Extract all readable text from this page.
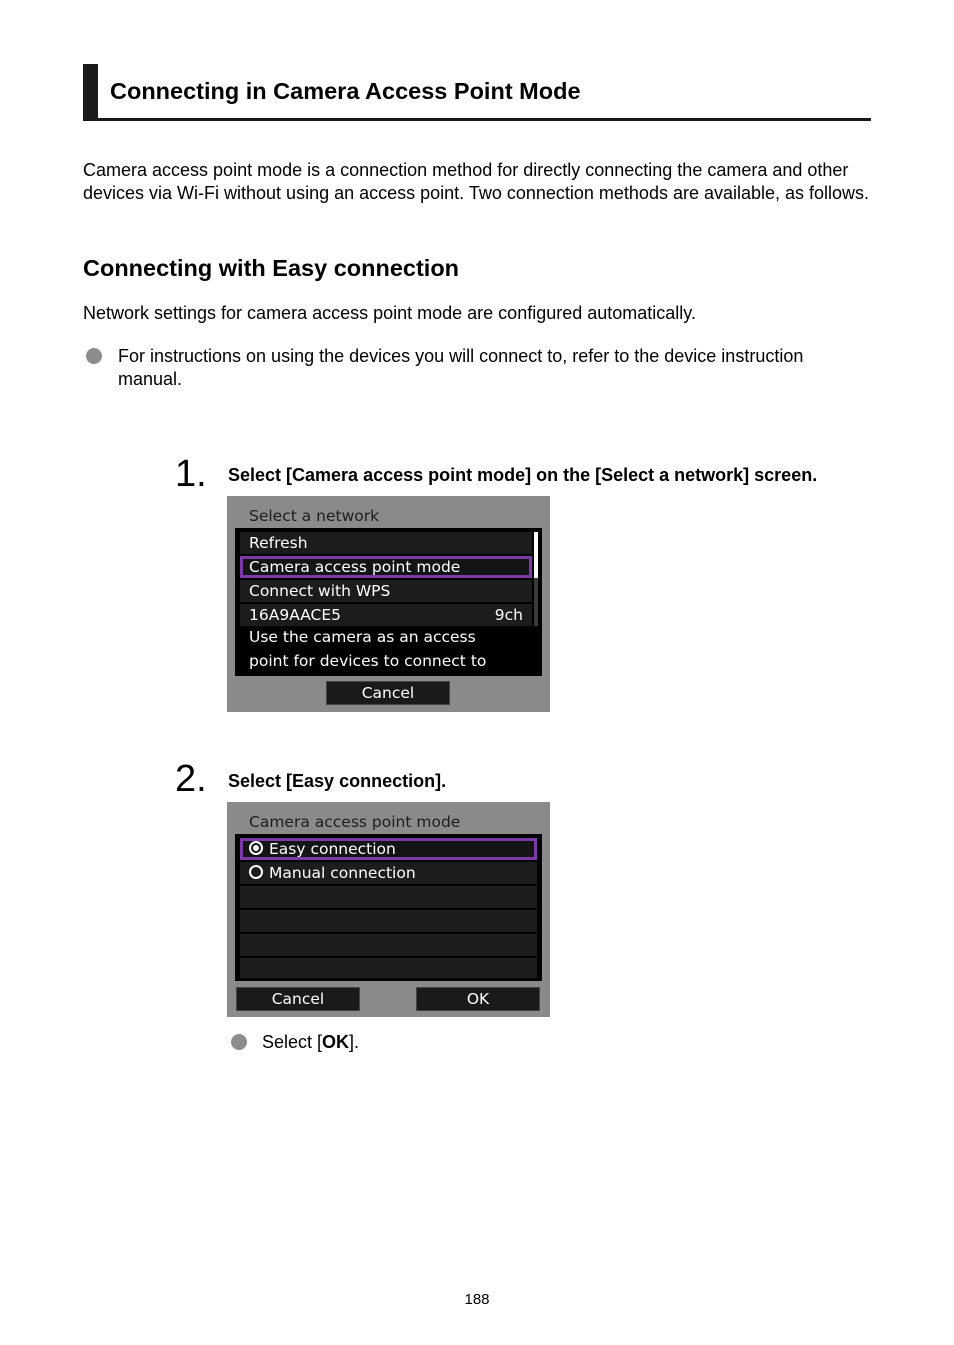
Connecting in Camera Access Point Mode
Camera access point mode is a connection method for directly connecting the camera and other devices via Wi-Fi without using an access point. Two connection methods are available, as follows.
Connecting with Easy connection
Network settings for camera access point mode are configured automatically.
For instructions on using the devices you will connect to, refer to the device instruction manual.
1. Select [Camera access point mode] on the [Select a network] screen.
Select a network
Refresh
Camera access point mode
Connect with WPS
16A9AACE5	9ch
Use the camera as an access
point for devices to connect to
Cancel
2. Select [Easy connection].
Camera access point mode
Easy connection
Manual connection
Cancel	OK
Select [OK].
188
